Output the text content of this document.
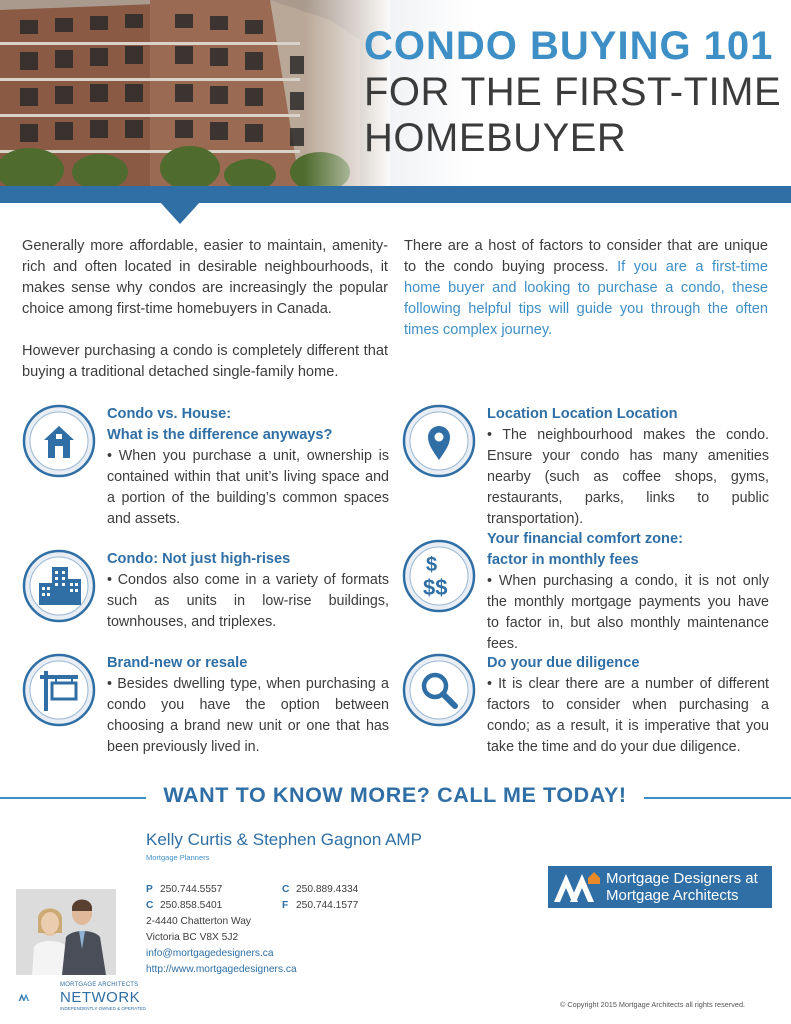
CONDO BUYING 101
FOR THE FIRST-TIME
HOMEBUYER

Generally more affordable, easier to maintain, amenity-rich and often located in desirable neighbourhoods, it makes sense why condos are increasingly the popular choice among first-time homebuyers in Canada.

However purchasing a condo is completely different that buying a traditional detached single-family home.

There are a host of factors to consider that are unique to the condo buying process. If you are a first-time home buyer and looking to purchase a condo, these following helpful tips will guide you through the often times complex journey.

Condo vs. House:
What is the difference anyways?
• When you purchase a unit, ownership is contained within that unit’s living space and a portion of the building’s common spaces and assets.
Location Location Location
• The neighbourhood makes the condo. Ensure your condo has many amenities nearby (such as coffee shops, gyms, restaurants, parks, links to public transportation).
Condo: Not just high-rises
• Condos also come in a variety of formats such as units in low-rise buildings, townhouses, and triplexes.
$
$$
Your financial comfort zone:
factor in monthly fees
• When purchasing a condo, it is not only the monthly mortgage payments you have to factor in, but also monthly maintenance fees.
Brand-new or resale
• Besides dwelling type, when purchasing a condo you have the option between choosing a brand new unit or one that has been previously lived in.
Do your due diligence
• It is clear there are a number of different factors to consider when purchasing a condo; as a result, it is imperative that you take the time and do your due diligence.
WANT TO KNOW MORE? CALL ME TODAY!
Kelly Curtis & Stephen Gagnon AMP
Mortgage Planners
P 250.744.5557
C 250.858.5401
C 250.889.4334
F 250.744.1577
2-4440 Chatterton Way
Victoria BC V8X 5J2
info@mortgagedesigners.ca
http://www.mortgagedesigners.ca
Mortgage Designers at
Mortgage Architects
MORTGAGE ARCHITECTS
NETWORK
INDEPENDENTLY OWNED & OPERATED	© Copyright 2015 Mortgage Architects all rights reserved.
